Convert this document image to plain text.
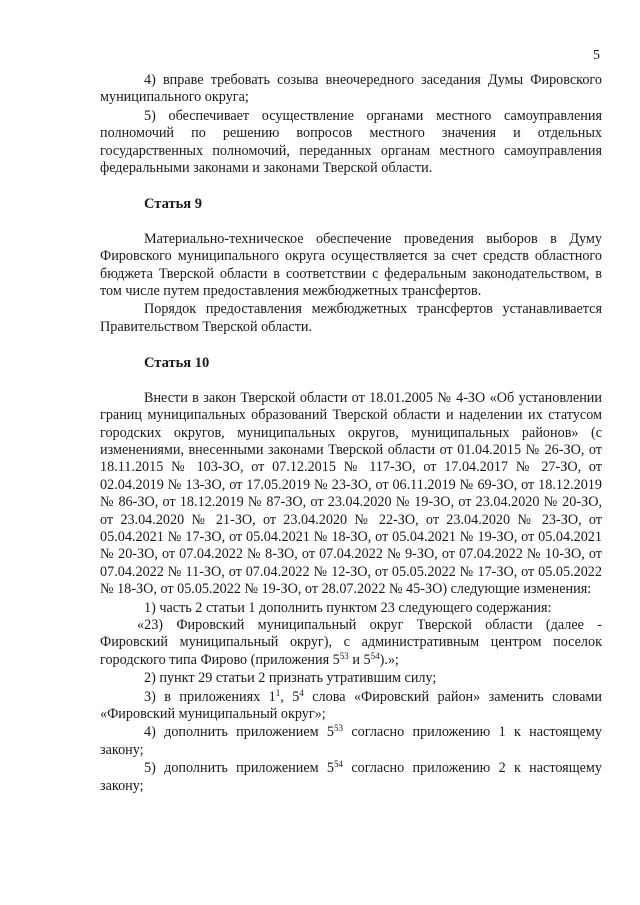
5

4) вправе требовать созыва внеочередного заседания Думы Фировского муниципального округа;

5) обеспечивает осуществление органами местного самоуправления полномочий по решению вопросов местного значения и отдельных государственных полномочий, переданных органам местного самоуправления федеральными законами и законами Тверской области.

Статья 9

Материально-техническое обеспечение проведения выборов в Думу Фировского муниципального округа осуществляется за счет средств областного бюджета Тверской области в соответствии с федеральным законодательством, в том числе путем предоставления межбюджетных трансфертов.

Порядок предоставления межбюджетных трансфертов устанавливается Правительством Тверской области.

Статья 10

Внести в закон Тверской области от 18.01.2005 № 4-ЗО «Об установлении границ муниципальных образований Тверской области и наделении их статусом городских округов, муниципальных округов, муниципальных районов» (с изменениями, внесенными законами Тверской области от 01.04.2015 № 26-ЗО, от 18.11.2015 № 103-ЗО, от 07.12.2015 № 117-ЗО, от 17.04.2017 № 27-ЗО, от 02.04.2019 № 13-ЗО, от 17.05.2019 № 23-ЗО, от 06.11.2019 № 69-ЗО, от 18.12.2019 № 86-ЗО, от 18.12.2019 № 87-ЗО, от 23.04.2020 № 19-ЗО, от 23.04.2020 № 20-ЗО, от 23.04.2020 № 21-ЗО, от 23.04.2020 № 22-ЗО, от 23.04.2020 № 23-ЗО, от 05.04.2021 № 17-ЗО, от 05.04.2021 № 18-ЗО, от 05.04.2021 № 19-ЗО, от 05.04.2021 № 20-ЗО, от 07.04.2022 № 8-ЗО, от 07.04.2022 № 9-ЗО, от 07.04.2022 № 10-ЗО, от 07.04.2022 № 11-ЗО, от 07.04.2022 № 12-ЗО, от 05.05.2022 № 17-ЗО, от 05.05.2022 № 18-ЗО, от 05.05.2022 № 19-ЗО, от 28.07.2022 № 45-ЗО) следующие изменения:

1) часть 2 статьи 1 дополнить пунктом 23 следующего содержания:

«23) Фировский муниципальный округ Тверской области (далее - Фировский муниципальный округ), с административным центром поселок городского типа Фирово (приложения $5^{53}$ и $5^{54}$).»;

2) пункт 29 статьи 2 признать утратившим силу;

3) в приложениях $1^1$, $5^4$ слова «Фировский район» заменить словами «Фировский муниципальный округ»;

4) дополнить приложением $5^{53}$ согласно приложению 1 к настоящему закону;

5) дополнить приложением $5^{54}$ согласно приложению 2 к настоящему закону;
